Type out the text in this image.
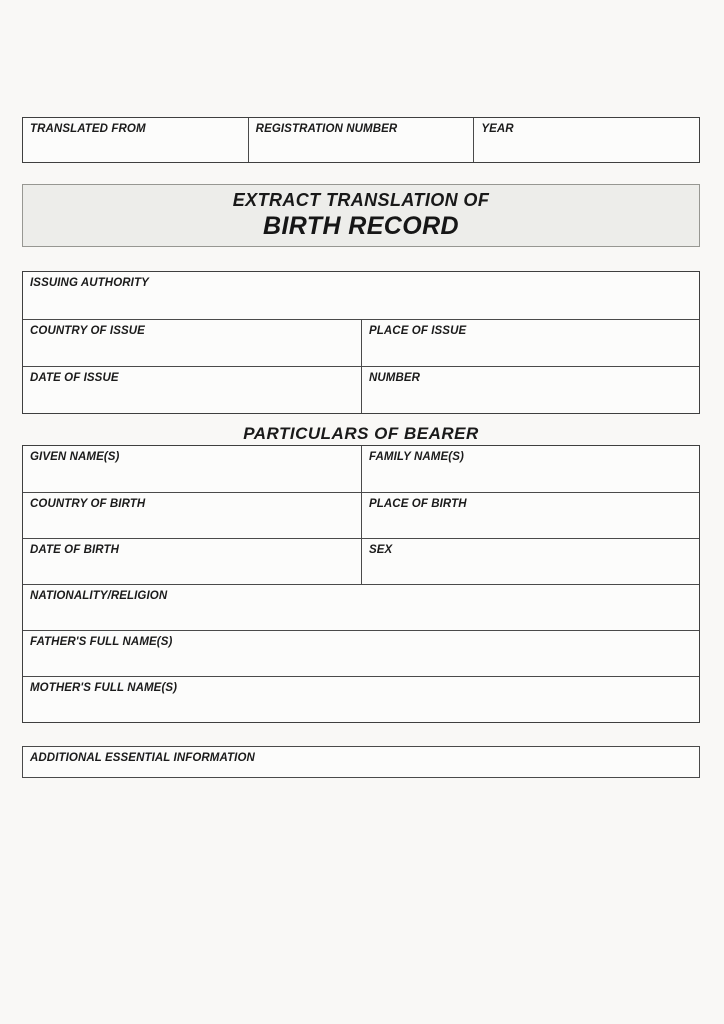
TRANSLATED FROM	REGISTRATION NUMBER	YEAR
EXTRACT TRANSLATION OF
BIRTH RECORD
ISSUING AUTHORITY
COUNTRY OF ISSUE	PLACE OF ISSUE
DATE OF ISSUE	NUMBER
PARTICULARS OF BEARER
GIVEN NAME(S)	FAMILY NAME(S)
COUNTRY OF BIRTH	PLACE OF BIRTH
DATE OF BIRTH	SEX
NATIONALITY/RELIGION
FATHER'S FULL NAME(S)
MOTHER'S FULL NAME(S)
ADDITIONAL ESSENTIAL INFORMATION
